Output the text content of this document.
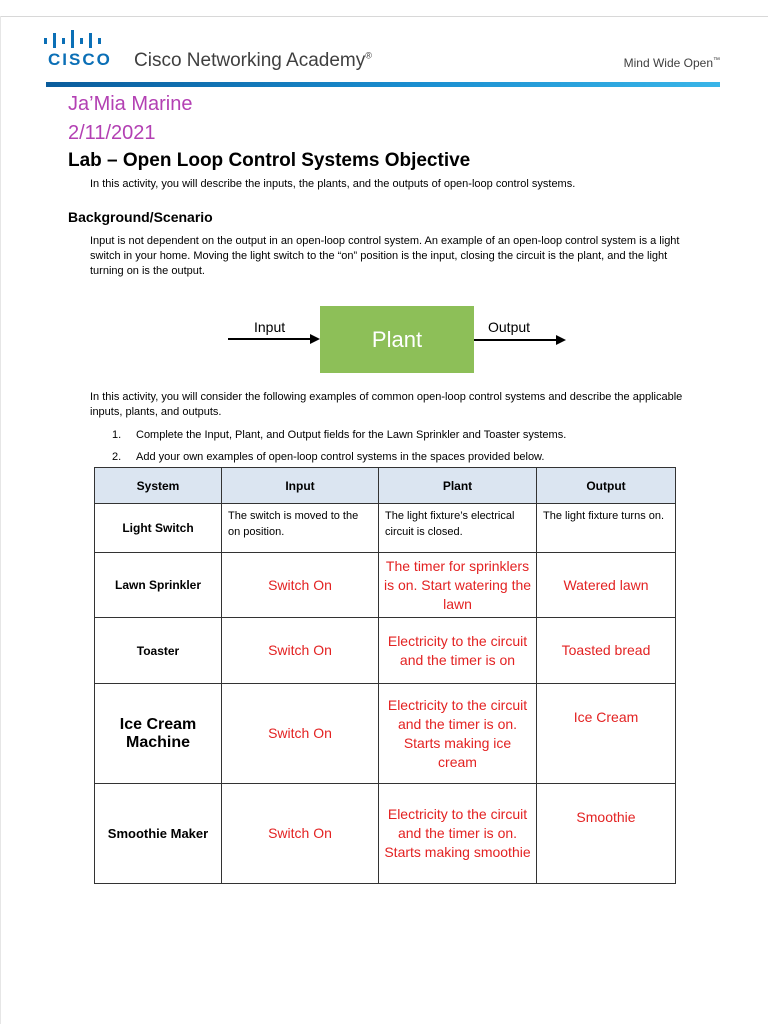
CISCO Cisco Networking Academy®
Mind Wide Open™
Ja’Mia Marine
2/11/2021
Lab – Open Loop Control Systems Objective
In this activity, you will describe the inputs, the plants, and the outputs of open-loop control systems.
Background/Scenario
Input is not dependent on the output in an open-loop control system. An example of an open-loop control system is a light switch in your home. Moving the light switch to the “on” position is the input, closing the circuit is the plant, and the light turning on is the output.
Input	Plant	Output
In this activity, you will consider the following examples of common open-loop control systems and describe the applicable inputs, plants, and outputs.
1. Complete the Input, Plant, and Output fields for the Lawn Sprinkler and Toaster systems.
2. Add your own examples of open-loop control systems in the spaces provided below.
System	Input	Plant	Output
Light Switch	The switch is moved to the on position.	The light fixture’s electrical circuit is closed.	The light fixture turns on.
Lawn Sprinkler	Switch On	The timer for sprinklers is on. Start watering the lawn	Watered lawn
Toaster	Switch On	Electricity to the circuit and the timer is on	Toasted bread
Ice Cream Machine	Switch On	Electricity to the circuit and the timer is on. Starts making ice cream	Ice Cream
Smoothie Maker	Switch On	Electricity to the circuit and the timer is on. Starts making smoothie	Smoothie
